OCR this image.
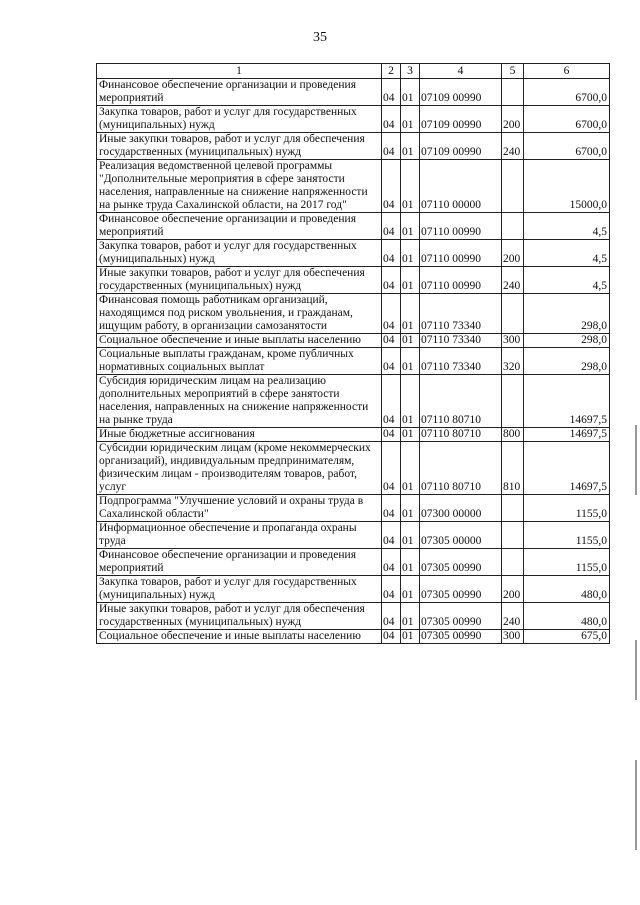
35
1	2	3	4	5	6
Финансовое обеспечение организации и проведения мероприятий	04	01	07109 00990		6700,0
Закупка товаров, работ и услуг для государственных (муниципальных) нужд	04	01	07109 00990	200	6700,0
Иные закупки товаров, работ и услуг для обеспечения государственных (муниципальных) нужд	04	01	07109 00990	240	6700,0
Реализация ведомственной целевой программы "Дополнительные мероприятия в сфере занятости населения, направленные на снижение напряженности на рынке труда Сахалинской области, на 2017 год"	04	01	07110 00000		15000,0
Финансовое обеспечение организации и проведения мероприятий	04	01	07110 00990		4,5
Закупка товаров, работ и услуг для государственных (муниципальных) нужд	04	01	07110 00990	200	4,5
Иные закупки товаров, работ и услуг для обеспечения государственных (муниципальных) нужд	04	01	07110 00990	240	4,5
Финансовая помощь работникам организаций, находящимся под риском увольнения, и гражданам, ищущим работу, в организации самозанятости	04	01	07110 73340		298,0
Социальное обеспечение и иные выплаты населению	04	01	07110 73340	300	298,0
Социальные выплаты гражданам, кроме публичных нормативных социальных выплат	04	01	07110 73340	320	298,0
Субсидия юридическим лицам на реализацию дополнительных мероприятий в сфере занятости населения, направленных на снижение напряженности на рынке труда	04	01	07110 80710		14697,5
Иные бюджетные ассигнования	04	01	07110 80710	800	14697,5
Субсидии юридическим лицам (кроме некоммерческих организаций), индивидуальным предпринимателям, физическим лицам - производителям товаров, работ, услуг	04	01	07110 80710	810	14697,5
Подпрограмма "Улучшение условий и охраны труда в Сахалинской области"	04	01	07300 00000		1155,0
Информационное обеспечение и пропаганда охраны труда	04	01	07305 00000		1155,0
Финансовое обеспечение организации и проведения мероприятий	04	01	07305 00990		1155,0
Закупка товаров, работ и услуг для государственных (муниципальных) нужд	04	01	07305 00990	200	480,0
Иные закупки товаров, работ и услуг для обеспечения государственных (муниципальных) нужд	04	01	07305 00990	240	480,0
Социальное обеспечение и иные выплаты населению	04	01	07305 00990	300	675,0
